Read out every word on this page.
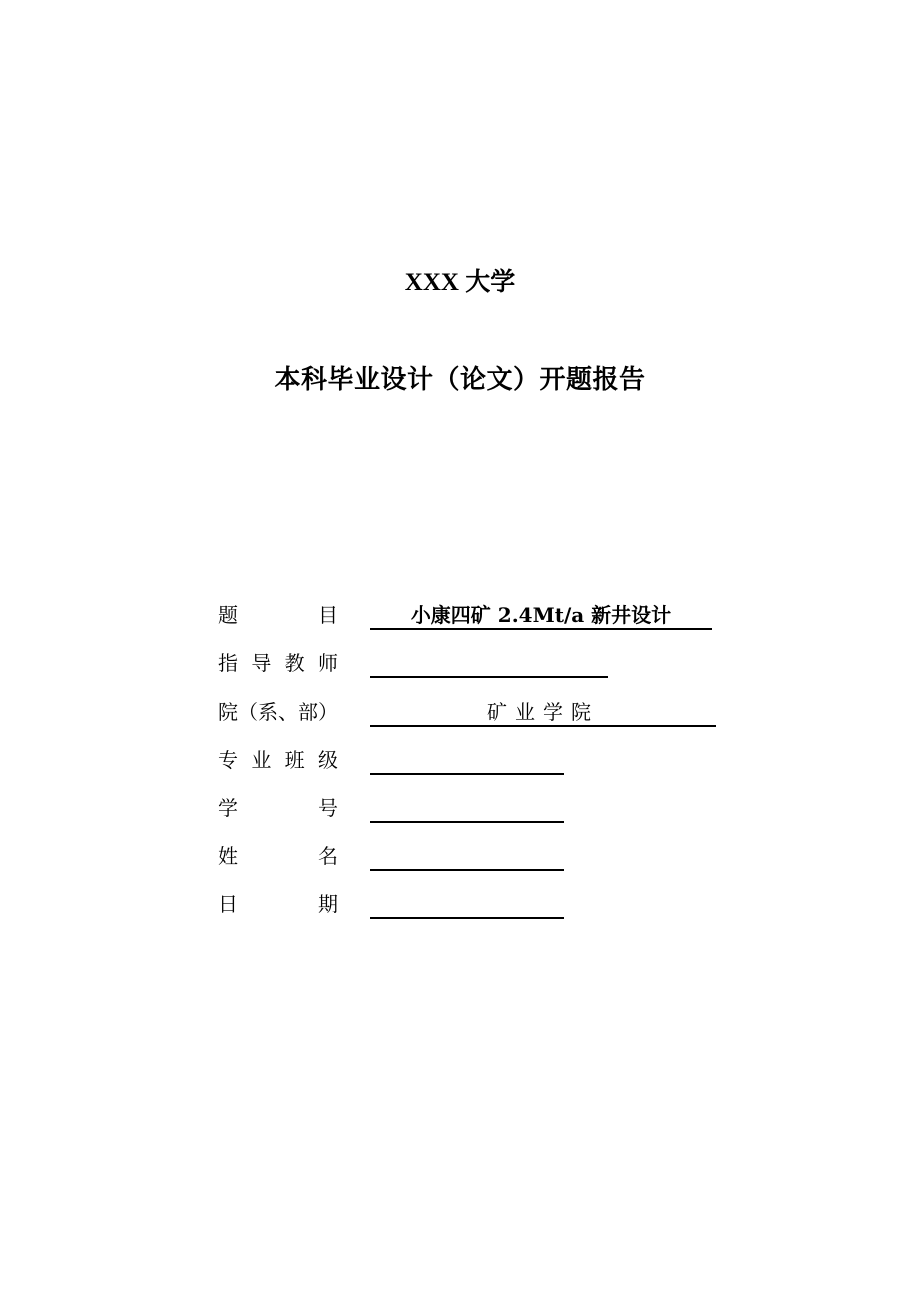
XXX 大学
本科毕业设计（论文）开题报告
题	目	小康四矿 2.4Mt/a 新井设计
指 导 教 师
院（系、部）	矿业学院
专 业 班 级
学	号
姓	名
日	期
